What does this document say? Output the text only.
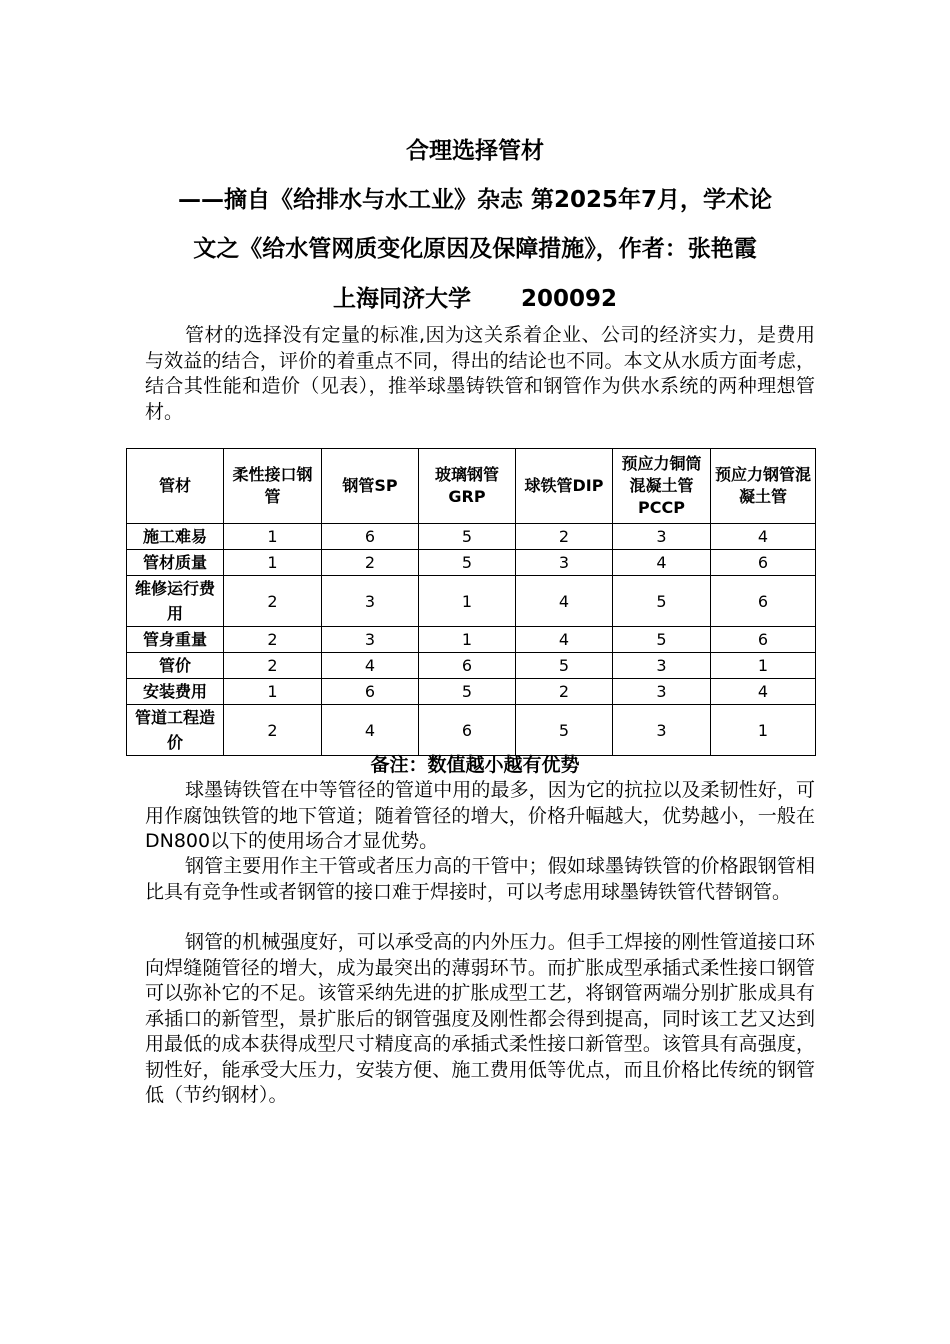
合理选择管材
——摘自《给排水与水工业》杂志 第2025年7月，学术论
文之《给水管网质变化原因及保障措施》，作者：张艳霞
上海同济大学 200092

管材的选择没有定量的标准,因为这关系着企业、公司的经济实力，是费用与效益的结合，评价的着重点不同，得出的结论也不同。本文从水质方面考虑，结合其性能和造价（见表），推举球墨铸铁管和钢管作为供水系统的两种理想管材。

管材	柔性接口钢管	钢管SP	玻璃钢管GRP	球铁管DIP	预应力铜筒混凝土管PCCP	预应力钢管混凝土管
施工难易	1	6	5	2	3	4
管材质量	1	2	5	3	4	6
维修运行费用	2	3	1	4	5	6
管身重量	2	3	1	4	5	6
管价	2	4	6	5	3	1
安装费用	1	6	5	2	3	4
管道工程造价	2	4	6	5	3	1
备注：数值越小越有优势

球墨铸铁管在中等管径的管道中用的最多，因为它的抗拉以及柔韧性好，可用作腐蚀铁管的地下管道；随着管径的增大，价格升幅越大，优势越小，一般在DN800以下的使用场合才显优势。

钢管主要用作主干管或者压力高的干管中；假如球墨铸铁管的价格跟钢管相比具有竞争性或者钢管的接口难于焊接时，可以考虑用球墨铸铁管代替钢管。

钢管的机械强度好，可以承受高的内外压力。但手工焊接的刚性管道接口环向焊缝随管径的增大，成为最突出的薄弱环节。而扩胀成型承插式柔性接口钢管可以弥补它的不足。该管采纳先进的扩胀成型工艺，将钢管两端分别扩胀成具有承插口的新管型，景扩胀后的钢管强度及刚性都会得到提高，同时该工艺又达到用最低的成本获得成型尺寸精度高的承插式柔性接口新管型。该管具有高强度，韧性好，能承受大压力，安装方便、施工费用低等优点，而且价格比传统的钢管低（节约钢材）。
